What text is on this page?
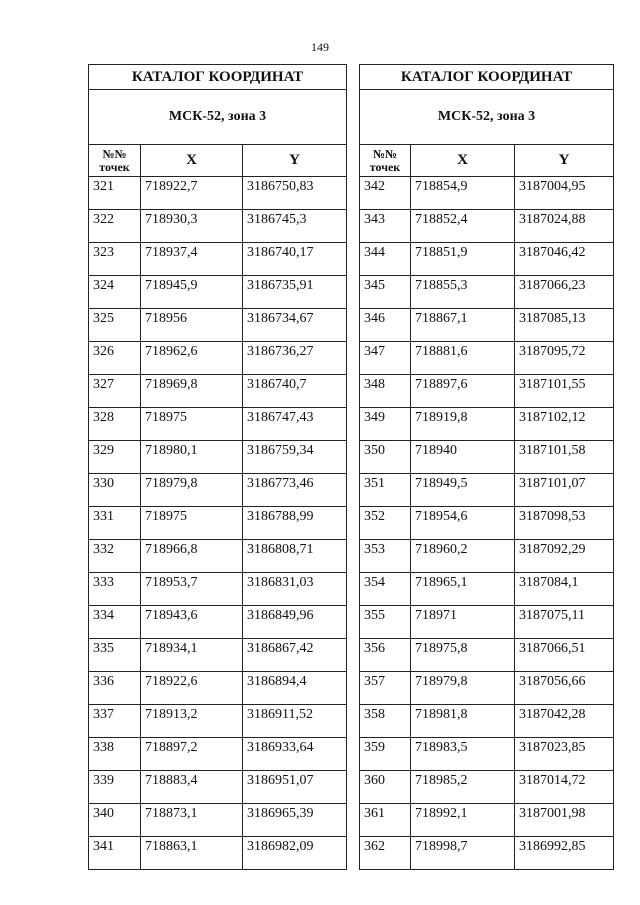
149
КАТАЛОГ КООРДИНАТ		
МСК-52, зона 3		
№№
точек	X	Y
321	718922,7	3186750,83
322	718930,3	3186745,3
323	718937,4	3186740,17
324	718945,9	3186735,91
325	718956	3186734,67
326	718962,6	3186736,27
327	718969,8	3186740,7
328	718975	3186747,43
329	718980,1	3186759,34
330	718979,8	3186773,46
331	718975	3186788,99
332	718966,8	3186808,71
333	718953,7	3186831,03
334	718943,6	3186849,96
335	718934,1	3186867,42
336	718922,6	3186894,4
337	718913,2	3186911,52
338	718897,2	3186933,64
339	718883,4	3186951,07
340	718873,1	3186965,39
341	718863,1	3186982,09
КАТАЛОГ КООРДИНАТ		
МСК-52, зона 3		
№№
точек	X	Y
342	718854,9	3187004,95
343	718852,4	3187024,88
344	718851,9	3187046,42
345	718855,3	3187066,23
346	718867,1	3187085,13
347	718881,6	3187095,72
348	718897,6	3187101,55
349	718919,8	3187102,12
350	718940	3187101,58
351	718949,5	3187101,07
352	718954,6	3187098,53
353	718960,2	3187092,29
354	718965,1	3187084,1
355	718971	3187075,11
356	718975,8	3187066,51
357	718979,8	3187056,66
358	718981,8	3187042,28
359	718983,5	3187023,85
360	718985,2	3187014,72
361	718992,1	3187001,98
362	718998,7	3186992,85
